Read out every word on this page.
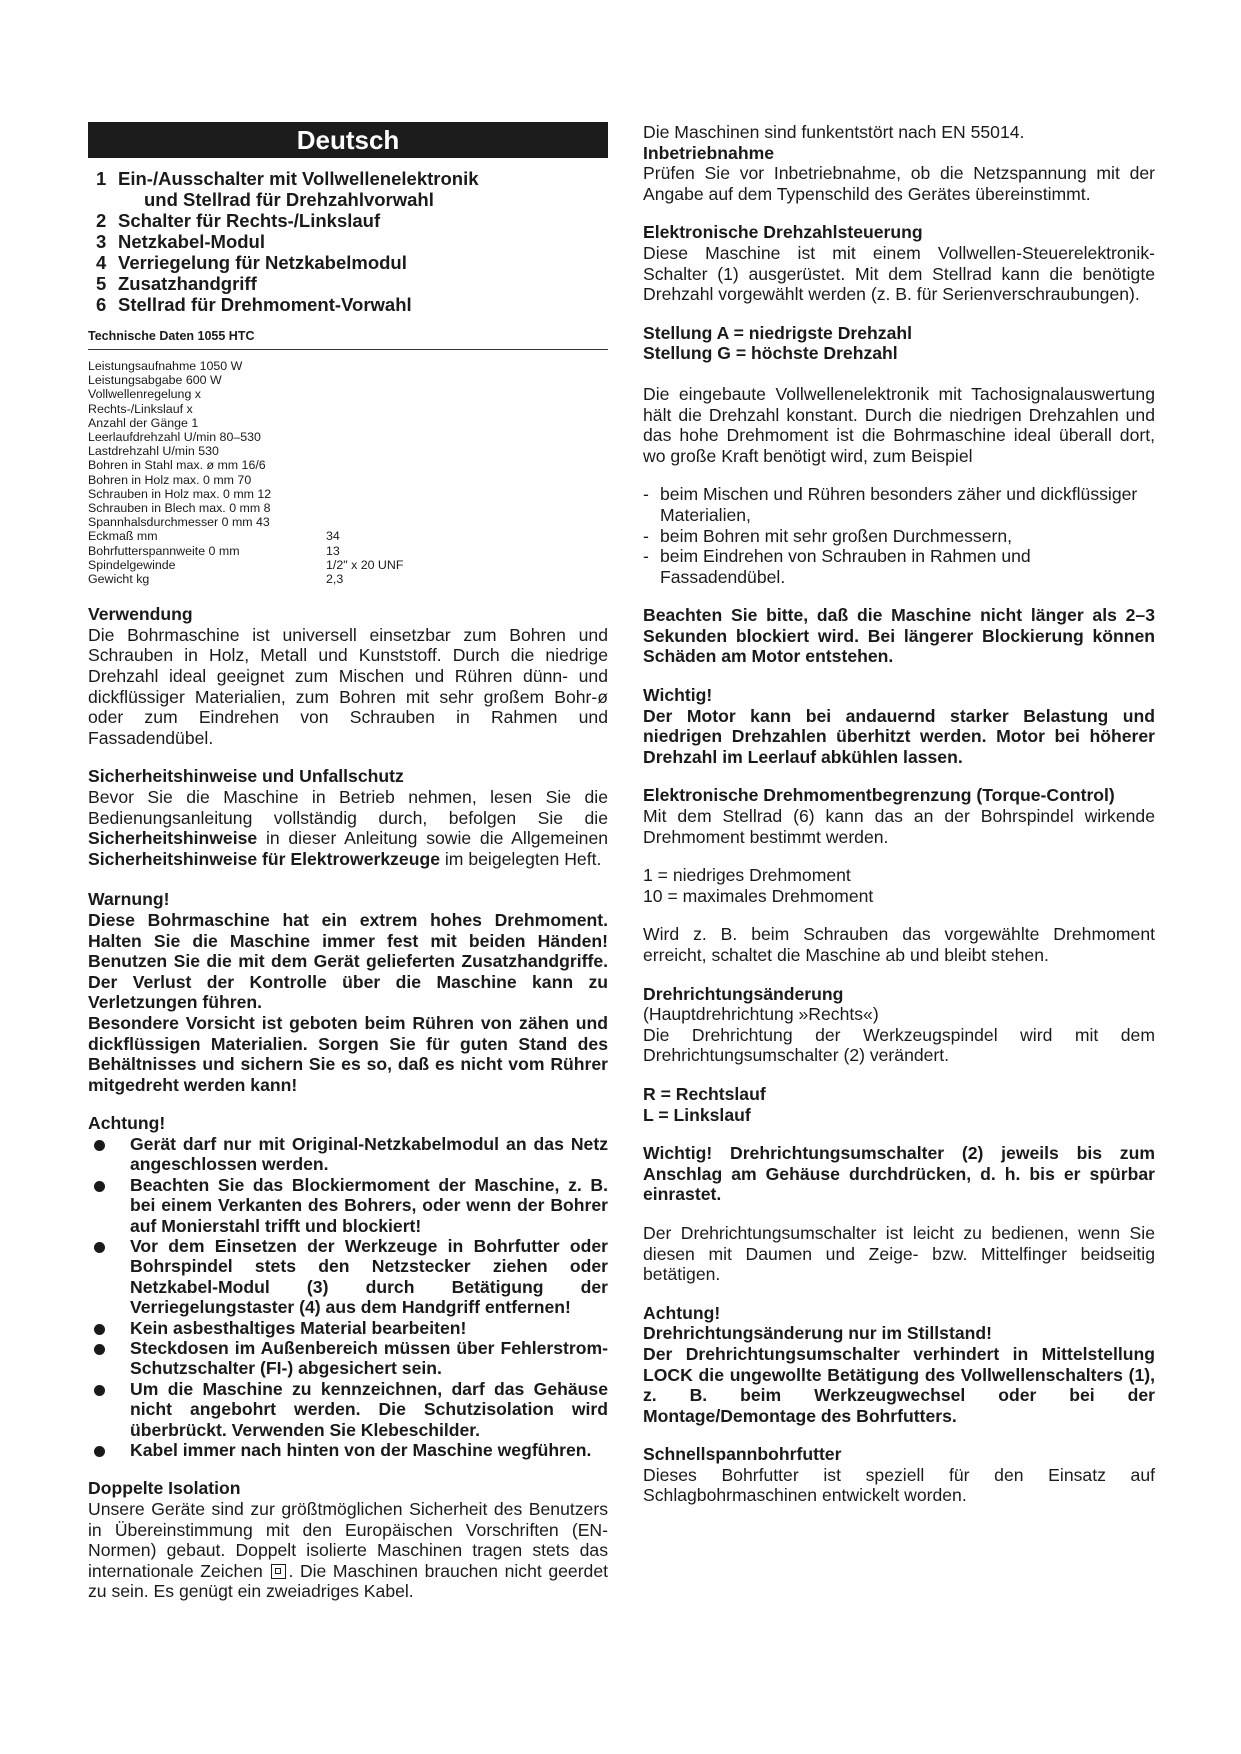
Deutsch
1 Ein-/Ausschalter mit Vollwellenelektronik
und Stellrad für Drehzahlvorwahl
2 Schalter für Rechts-/Linkslauf
3 Netzkabel-Modul
4 Verriegelung für Netzkabelmodul
5 Zusatzhandgriff
6 Stellrad für Drehmoment-Vorwahl
Technische Daten 1055 HTC
Leistungsaufnahme 1050 W
Leistungsabgabe 600 W
Vollwellenregelung x
Rechts-/Linkslauf x
Anzahl der Gänge 1
Leerlaufdrehzahl U/min 80–530
Lastdrehzahl U/min 530
Bohren in Stahl max. ø mm 16/6
Bohren in Holz max. 0 mm 70
Schrauben in Holz max. 0 mm 12
Schrauben in Blech max. 0 mm 8
Spannhalsdurchmesser 0 mm 43
Eckmaß mm	34
Bohrfutterspannweite 0 mm	13
Spindelgewinde	1/2" x 20 UNF
Gewicht kg	2,3
Verwendung

Die Bohrmaschine ist universell einsetzbar zum Bohren und Schrauben in Holz, Metall und Kunststoff. Durch die niedrige Drehzahl ideal geeignet zum Mischen und Rühren dünn- und dickflüssiger Materialien, zum Bohren mit sehr großem Bohr-ø oder zum Eindrehen von Schrauben in Rahmen und Fassadendübel.

Sicherheitshinweise und Unfallschutz

Bevor Sie die Maschine in Betrieb nehmen, lesen Sie die Bedienungsanleitung vollständig durch, befolgen Sie die Sicherheitshinweise in dieser Anleitung sowie die Allgemeinen Sicherheitshinweise für Elektrowerkzeuge im beigelegten Heft.

Warnung!

Diese Bohrmaschine hat ein extrem hohes Drehmoment. Halten Sie die Maschine immer fest mit beiden Händen! Benutzen Sie die mit dem Gerät gelieferten Zusatzhandgriffe. Der Verlust der Kontrolle über die Maschine kann zu Verletzungen führen.

Besondere Vorsicht ist geboten beim Rühren von zähen und dickflüssigen Materialien. Sorgen Sie für guten Stand des Behältnisses und sichern Sie es so, daß es nicht vom Rührer mitgedreht werden kann!

Achtung!
Gerät darf nur mit Original-Netzkabelmodul an das Netz angeschlossen werden.
Beachten Sie das Blockiermoment der Maschine, z. B. bei einem Verkanten des Bohrers, oder wenn der Bohrer auf Monierstahl trifft und blockiert!
Vor dem Einsetzen der Werkzeuge in Bohrfutter oder Bohrspindel stets den Netzstecker ziehen oder Netzkabel-Modul (3) durch Betätigung der Verriegelungstaster (4) aus dem Handgriff entfernen!
Kein asbesthaltiges Material bearbeiten!
Steckdosen im Außenbereich müssen über Fehlerstrom-Schutzschalter (FI-) abgesichert sein.
Um die Maschine zu kennzeichnen, darf das Gehäuse nicht angebohrt werden. Die Schutzisolation wird überbrückt. Verwenden Sie Klebeschilder.
Kabel immer nach hinten von der Maschine wegführen.
Doppelte Isolation

Unsere Geräte sind zur größtmöglichen Sicherheit des Benutzers in Übereinstimmung mit den Europäischen Vorschriften (EN-Normen) gebaut. Doppelt isolierte Maschinen tragen stets das internationale Zeichen . Die Maschinen brauchen nicht geerdet zu sein. Es genügt ein zweiadriges Kabel.

Die Maschinen sind funkentstört nach EN 55014.

Inbetriebnahme

Prüfen Sie vor Inbetriebnahme, ob die Netzspannung mit der Angabe auf dem Typenschild des Gerätes übereinstimmt.

Elektronische Drehzahlsteuerung

Diese Maschine ist mit einem Vollwellen-Steuerelektronik-Schalter (1) ausgerüstet. Mit dem Stellrad kann die benötigte Drehzahl vorgewählt werden (z. B. für Serienverschraubungen).

Stellung A = niedrigste Drehzahl
Stellung G = höchste Drehzahl

Die eingebaute Vollwellenelektronik mit Tachosignalauswertung hält die Drehzahl konstant. Durch die niedrigen Drehzahlen und das hohe Drehmoment ist die Bohrmaschine ideal überall dort, wo große Kraft benötigt wird, zum Beispiel

- beim Mischen und Rühren besonders zäher und dickflüssiger Materialien,
- beim Bohren mit sehr großen Durchmessern,
- beim Eindrehen von Schrauben in Rahmen und Fassadendübel.

Beachten Sie bitte, daß die Maschine nicht länger als 2–3 Sekunden blockiert wird. Bei längerer Blockierung können Schäden am Motor entstehen.

Wichtig!

Der Motor kann bei andauernd starker Belastung und niedrigen Drehzahlen überhitzt werden. Motor bei höherer Drehzahl im Leerlauf abkühlen lassen.

Elektronische Drehmomentbegrenzung (Torque-Control)

Mit dem Stellrad (6) kann das an der Bohrspindel wirkende Drehmoment bestimmt werden.

1 = niedriges Drehmoment

10 = maximales Drehmoment

Wird z. B. beim Schrauben das vorgewählte Drehmoment erreicht, schaltet die Maschine ab und bleibt stehen.

Drehrichtungsänderung

(Hauptdrehrichtung »Rechts«)

Die Drehrichtung der Werkzeugspindel wird mit dem Drehrichtungsumschalter (2) verändert.

R = Rechtslauf
L = Linkslauf

Wichtig! Drehrichtungsumschalter (2) jeweils bis zum Anschlag am Gehäuse durchdrücken, d. h. bis er spürbar einrastet.

Der Drehrichtungsumschalter ist leicht zu bedienen, wenn Sie diesen mit Daumen und Zeige- bzw. Mittelfinger beidseitig betätigen.

Achtung!
Drehrichtungsänderung nur im Stillstand!

Der Drehrichtungsumschalter verhindert in Mittelstellung LOCK die ungewollte Betätigung des Vollwellenschalters (1), z. B. beim Werkzeugwechsel oder bei der Montage/Demontage des Bohrfutters.

Schnellspannbohrfutter

Dieses Bohrfutter ist speziell für den Einsatz auf Schlagbohrmaschinen entwickelt worden.
